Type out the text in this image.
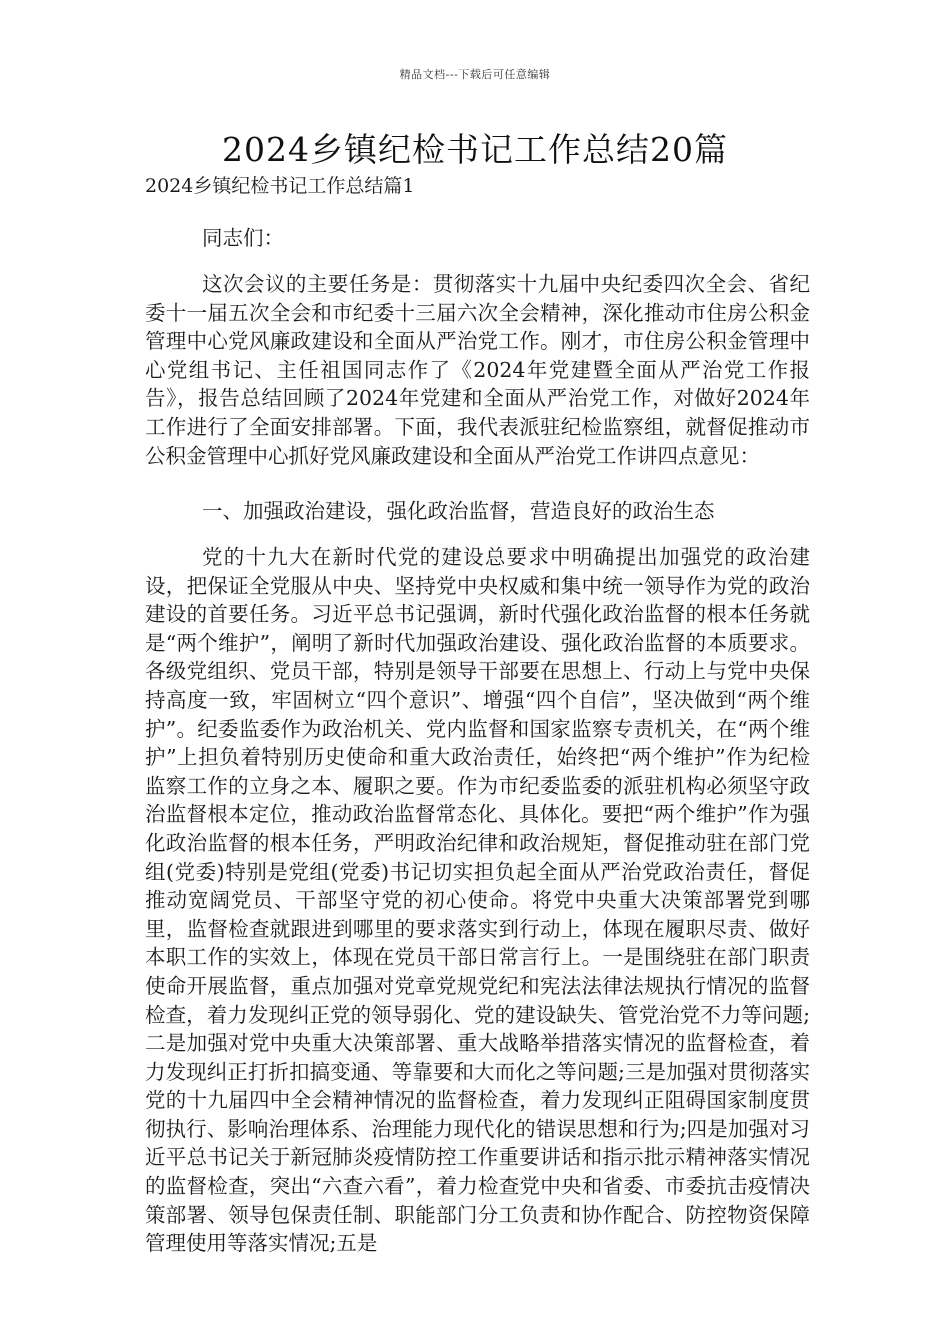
精品文档---下载后可任意编辑
2024乡镇纪检书记工作总结20篇
2024乡镇纪检书记工作总结篇1

同志们：

这次会议的主要任务是：贯彻落实十九届中央纪委四次全会、省纪委十一届五次全会和市纪委十三届六次全会精神，深化推动市住房公积金管理中心党风廉政建设和全面从严治党工作。刚才，市住房公积金管理中心党组书记、主任祖国同志作了《2024年党建暨全面从严治党工作报告》，报告总结回顾了2024年党建和全面从严治党工作，对做好2024年工作进行了全面安排部署。下面，我代表派驻纪检监察组，就督促推动市公积金管理中心抓好党风廉政建设和全面从严治党工作讲四点意见：

一、加强政治建设，强化政治监督，营造良好的政治生态

党的十九大在新时代党的建设总要求中明确提出加强党的政治建设，把保证全党服从中央、坚持党中央权威和集中统一领导作为党的政治建设的首要任务。习近平总书记强调，新时代强化政治监督的根本任务就是“两个维护”，阐明了新时代加强政治建设、强化政治监督的本质要求。各级党组织、党员干部，特别是领导干部要在思想上、行动上与党中央保持高度一致，牢固树立“四个意识”、增强“四个自信”，坚决做到“两个维护”。纪委监委作为政治机关、党内监督和国家监察专责机关，在“两个维护”上担负着特别历史使命和重大政治责任，始终把“两个维护”作为纪检监察工作的立身之本、履职之要。作为市纪委监委的派驻机构必须坚守政治监督根本定位，推动政治监督常态化、具体化。要把“两个维护”作为强化政治监督的根本任务，严明政治纪律和政治规矩，督促推动驻在部门党组(党委)特别是党组(党委)书记切实担负起全面从严治党政治责任，督促推动宽阔党员、干部坚守党的初心使命。将党中央重大决策部署党到哪里，监督检查就跟进到哪里的要求落实到行动上，体现在履职尽责、做好本职工作的实效上，体现在党员干部日常言行上。一是围绕驻在部门职责使命开展监督，重点加强对党章党规党纪和宪法法律法规执行情况的监督检查，着力发现纠正党的领导弱化、党的建设缺失、管党治党不力等问题;二是加强对党中央重大决策部署、重大战略举措落实情况的监督检查，着力发现纠正打折扣搞变通、等靠要和大而化之等问题;三是加强对贯彻落实党的十九届四中全会精神情况的监督检查，着力发现纠正阻碍国家制度贯彻执行、影响治理体系、治理能力现代化的错误思想和行为;四是加强对习近平总书记关于新冠肺炎疫情防控工作重要讲话和指示批示精神落实情况的监督检查，突出“六查六看”，着力检查党中央和省委、市委抗击疫情决策部署、领导包保责任制、职能部门分工负责和协作配合、防控物资保障管理使用等落实情况;五是
